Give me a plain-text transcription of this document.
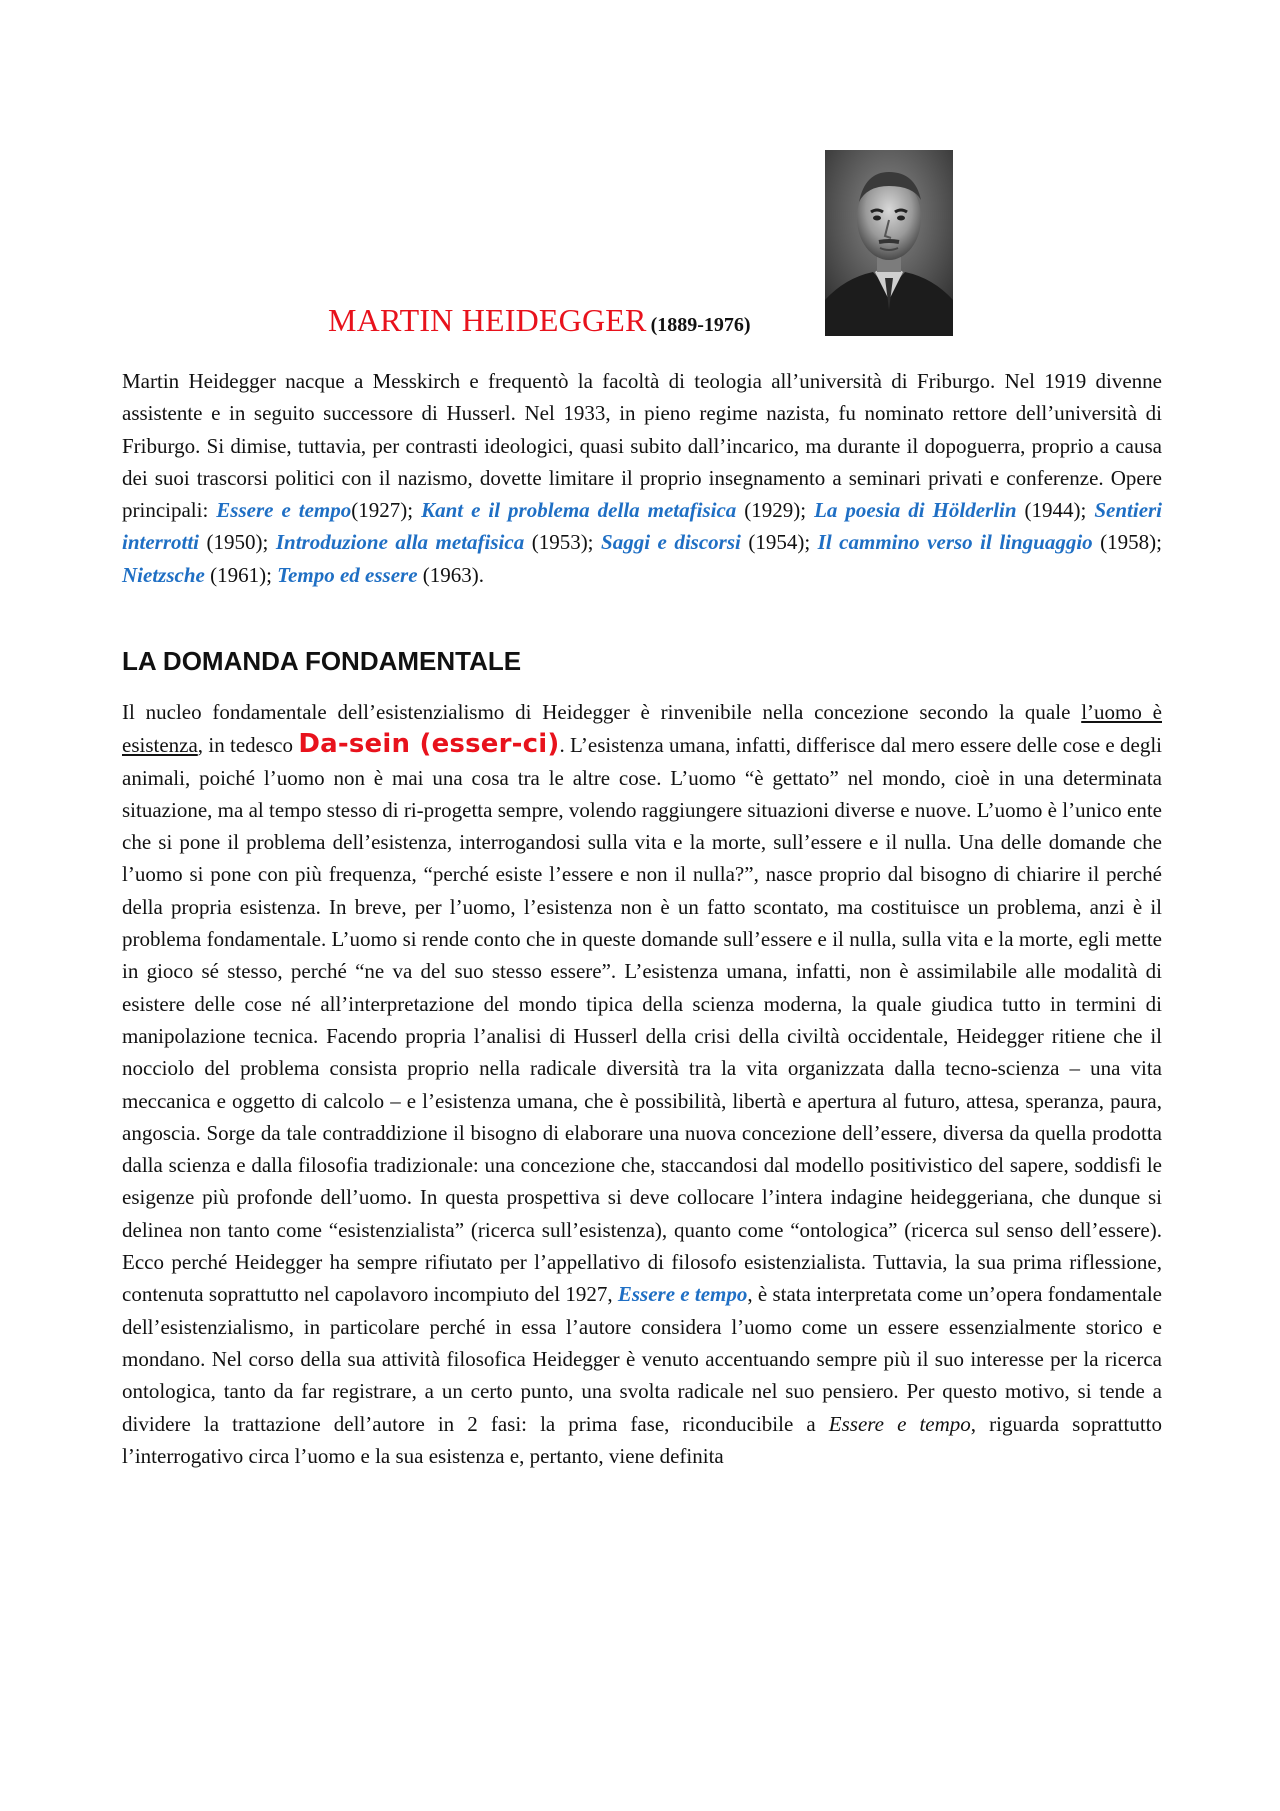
MARTIN HEIDEGGER (1889-1976)

Martin Heidegger nacque a Messkirch e frequentò la facoltà di teologia all’università di Friburgo. Nel 1919 divenne assistente e in seguito successore di Husserl. Nel 1933, in pieno regime nazista, fu nominato rettore dell’università di Friburgo. Si dimise, tuttavia, per contrasti ideologici, quasi subito dall’incarico, ma durante il dopoguerra, proprio a causa dei suoi trascorsi politici con il nazismo, dovette limitare il proprio insegnamento a seminari privati e conferenze. Opere principali: Essere e tempo(1927); Kant e il problema della metafisica (1929); La poesia di Hölderlin (1944); Sentieri interrotti (1950); Introduzione alla metafisica (1953); Saggi e discorsi (1954); Il cammino verso il linguaggio (1958); Nietzsche (1961); Tempo ed essere (1963).

LA DOMANDA FONDAMENTALE

Il nucleo fondamentale dell’esistenzialismo di Heidegger è rinvenibile nella concezione secondo la quale l’uomo è esistenza, in tedesco Da-sein (esser-ci). L’esistenza umana, infatti, differisce dal mero essere delle cose e degli animali, poiché l’uomo non è mai una cosa tra le altre cose. L’uomo “è gettato” nel mondo, cioè in una determinata situazione, ma al tempo stesso di ri-progetta sempre, volendo raggiungere situazioni diverse e nuove. L’uomo è l’unico ente che si pone il problema dell’esistenza, interrogandosi sulla vita e la morte, sull’essere e il nulla. Una delle domande che l’uomo si pone con più frequenza, “perché esiste l’essere e non il nulla?”, nasce proprio dal bisogno di chiarire il perché della propria esistenza. In breve, per l’uomo, l’esistenza non è un fatto scontato, ma costituisce un problema, anzi è il problema fondamentale. L’uomo si rende conto che in queste domande sull’essere e il nulla, sulla vita e la morte, egli mette in gioco sé stesso, perché “ne va del suo stesso essere”. L’esistenza umana, infatti, non è assimilabile alle modalità di esistere delle cose né all’interpretazione del mondo tipica della scienza moderna, la quale giudica tutto in termini di manipolazione tecnica. Facendo propria l’analisi di Husserl della crisi della civiltà occidentale, Heidegger ritiene che il nocciolo del problema consista proprio nella radicale diversità tra la vita organizzata dalla tecno-scienza – una vita meccanica e oggetto di calcolo – e l’esistenza umana, che è possibilità, libertà e apertura al futuro, attesa, speranza, paura, angoscia. Sorge da tale contraddizione il bisogno di elaborare una nuova concezione dell’essere, diversa da quella prodotta dalla scienza e dalla filosofia tradizionale: una concezione che, staccandosi dal modello positivistico del sapere, soddisfi le esigenze più profonde dell’uomo. In questa prospettiva si deve collocare l’intera indagine heideggeriana, che dunque si delinea non tanto come “esistenzialista” (ricerca sull’esistenza), quanto come “ontologica” (ricerca sul senso dell’essere). Ecco perché Heidegger ha sempre rifiutato per l’appellativo di filosofo esistenzialista. Tuttavia, la sua prima riflessione, contenuta soprattutto nel capolavoro incompiuto del 1927, Essere e tempo, è stata interpretata come un’opera fondamentale dell’esistenzialismo, in particolare perché in essa l’autore considera l’uomo come un essere essenzialmente storico e mondano. Nel corso della sua attività filosofica Heidegger è venuto accentuando sempre più il suo interesse per la ricerca ontologica, tanto da far registrare, a un certo punto, una svolta radicale nel suo pensiero. Per questo motivo, si tende a dividere la trattazione dell’autore in 2 fasi: la prima fase, riconducibile a Essere e tempo, riguarda soprattutto l’interrogativo circa l’uomo e la sua esistenza e, pertanto, viene definita
